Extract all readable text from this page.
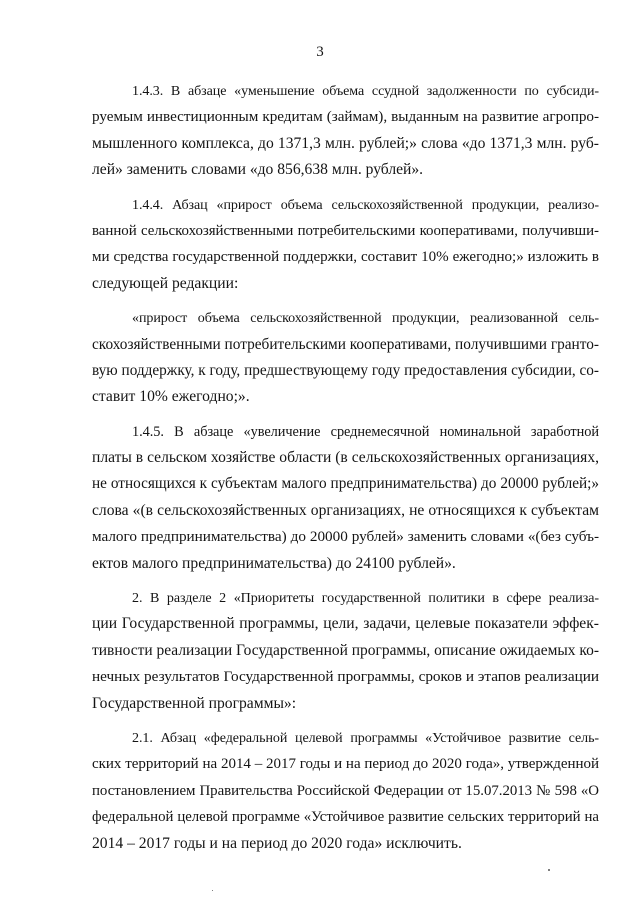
3
1.4.3. В абзаце «уменьшение объема ссудной задолженности по субсиди-
руемым инвестиционным кредитам (займам), выданным на развитие агропро-
мышленного комплекса, до 1371,3 млн. рублей;» слова «до 1371,3 млн. руб-
лей» заменить словами «до 856,638 млн. рублей».
1.4.4. Абзац «прирост объема сельскохозяйственной продукции, реализо-
ванной сельскохозяйственными потребительскими кооперативами, получивши-
ми средства государственной поддержки, составит 10% ежегодно;» изложить в
следующей редакции:
«прирост объема сельскохозяйственной продукции, реализованной сель-
скохозяйственными потребительскими кооперативами, получившими гранто-
вую поддержку, к году, предшествующему году предоставления субсидии, со-
ставит 10% ежегодно;».
1.4.5. В абзаце «увеличение среднемесячной номинальной заработной
платы в сельском хозяйстве области (в сельскохозяйственных организациях,
не относящихся к субъектам малого предпринимательства) до 20000 рублей;»
слова «(в сельскохозяйственных организациях, не относящихся к субъектам
малого предпринимательства) до 20000 рублей» заменить словами «(без субъ-
ектов малого предпринимательства) до 24100 рублей».
2. В разделе 2 «Приоритеты государственной политики в сфере реализа-
ции Государственной программы, цели, задачи, целевые показатели эффек-
тивности реализации Государственной программы, описание ожидаемых ко-
нечных результатов Государственной программы, сроков и этапов реализации
Государственной программы»:
2.1. Абзац «федеральной целевой программы «Устойчивое развитие сель-
ских территорий на 2014 – 2017 годы и на период до 2020 года», утвержденной
постановлением Правительства Российской Федерации от 15.07.2013 № 598 «О
федеральной целевой программе «Устойчивое развитие сельских территорий на
2014 – 2017 годы и на период до 2020 года» исключить.
